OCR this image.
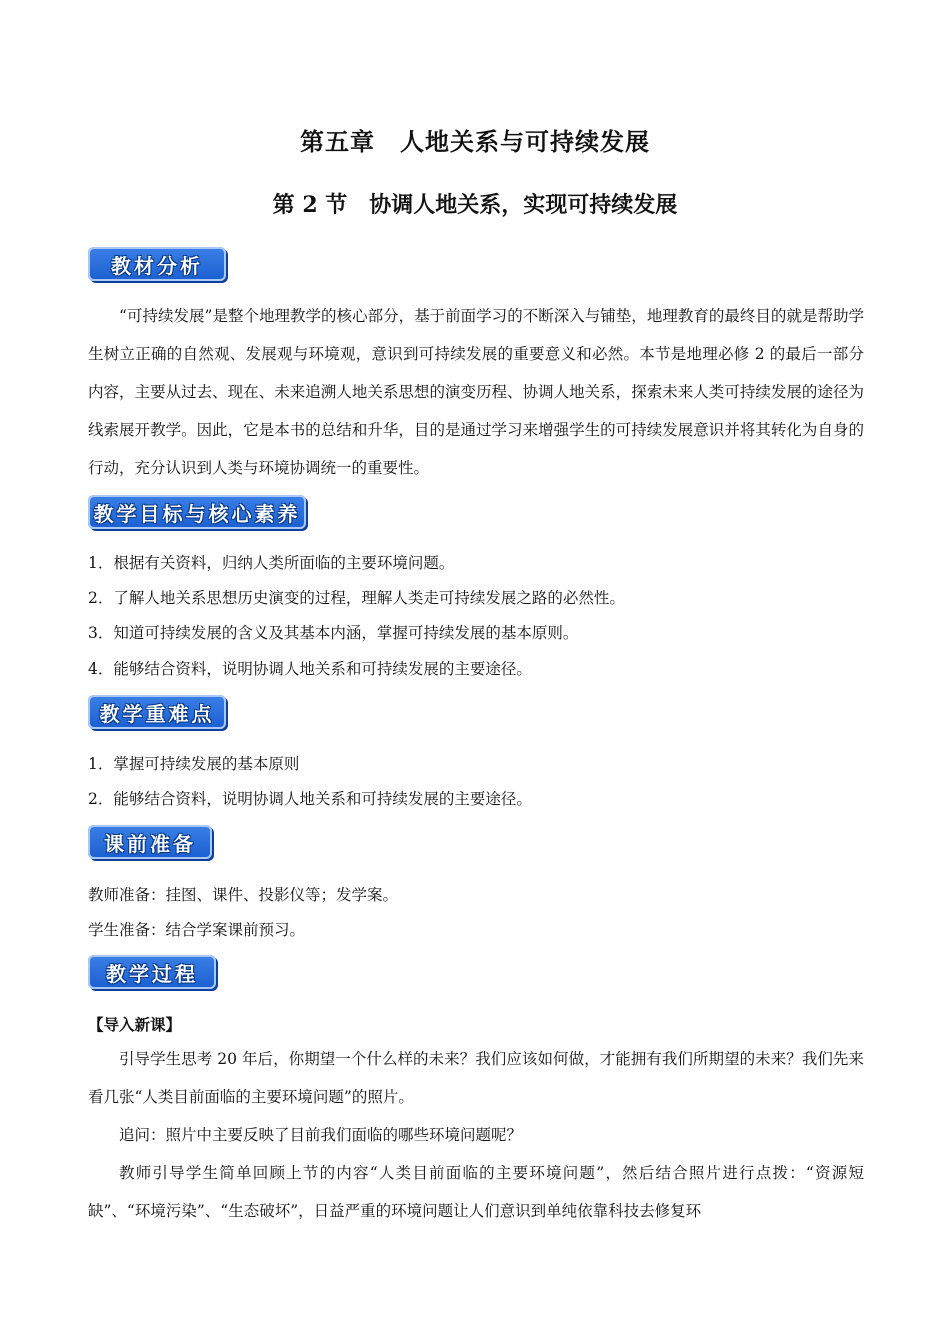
第五章　人地关系与可持续发展
第 2 节　协调人地关系，实现可持续发展
教材分析
“可持续发展”是整个地理教学的核心部分，基于前面学习的不断深入与铺垫，地理教育的最终目的就是帮助学生树立正确的自然观、发展观与环境观，意识到可持续发展的重要意义和必然。本节是地理必修 2 的最后一部分内容，主要从过去、现在、未来追溯人地关系思想的演变历程、协调人地关系，探索未来人类可持续发展的途径为线索展开教学。因此，它是本书的总结和升华，目的是通过学习来增强学生的可持续发展意识并将其转化为自身的行动，充分认识到人类与环境协调统一的重要性。
教学目标与核心素养
1．根据有关资料，归纳人类所面临的主要环境问题。
2．了解人地关系思想历史演变的过程，理解人类走可持续发展之路的必然性。
3．知道可持续发展的含义及其基本内涵，掌握可持续发展的基本原则。
4．能够结合资料，说明协调人地关系和可持续发展的主要途径。
教学重难点
1．掌握可持续发展的基本原则
2．能够结合资料，说明协调人地关系和可持续发展的主要途径。
课前准备
教师准备：挂图、课件、投影仪等；发学案。
学生准备：结合学案课前预习。
教学过程
【导入新课】
引导学生思考 20 年后，你期望一个什么样的未来？我们应该如何做，才能拥有我们所期望的未来？我们先来看几张“人类目前面临的主要环境问题”的照片。
追问：照片中主要反映了目前我们面临的哪些环境问题呢？
教师引导学生简单回顾上节的内容“人类目前面临的主要环境问题”，然后结合照片进行点拨：“资源短缺”、“环境污染”、“生态破坏”，日益严重的环境问题让人们意识到单纯依靠科技去修复环
